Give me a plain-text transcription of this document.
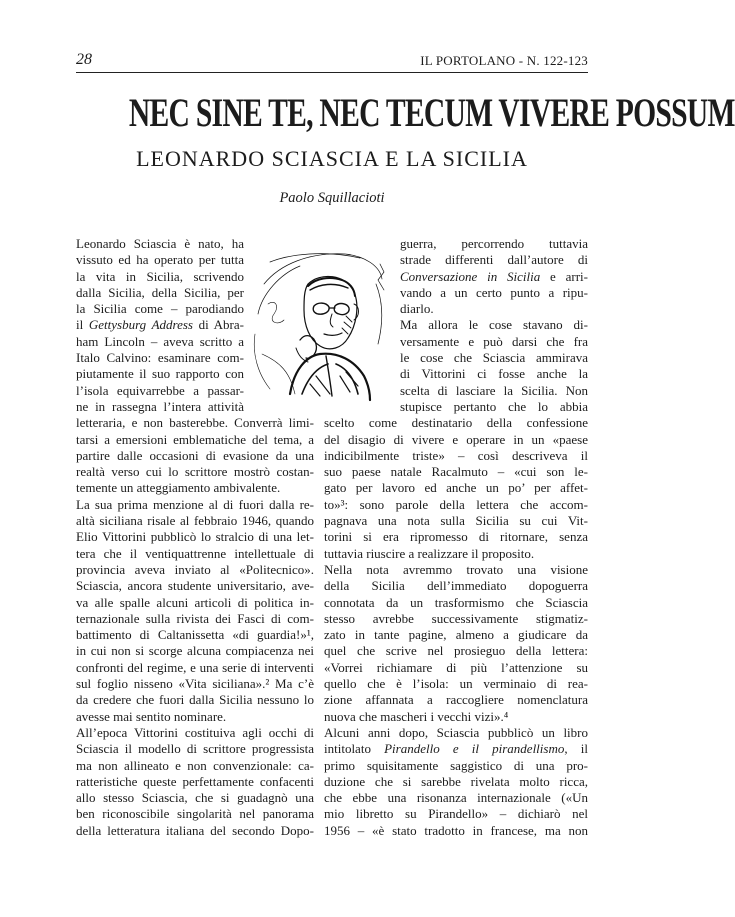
28	IL PORTOLANO - N. 122-123
NEC SINE TE, NEC TECUM VIVERE POSSUM
LEONARDO SCIASCIA E LA SICILIA
Paolo Squillacioti

Leonardo Sciascia è nato, ha

vissuto ed ha operato per tutta

la vita in Sicilia, scrivendo

dalla Sicilia, della Sicilia, per

la Sicilia come – parodiando

il Gettysburg Address di Abra-

ham Lincoln – aveva scritto a

Italo Calvino: esaminare com-

piutamente il suo rapporto con

l’isola equivarrebbe a passar-

ne in rassegna l’intera attività

letteraria, e non basterebbe. Converrà limi-

tarsi a emersioni emblematiche del tema, a

partire dalle occasioni di evasione da una

realtà verso cui lo scrittore mostrò costan-

temente un atteggiamento ambivalente.

La sua prima menzione al di fuori dalla re-

altà siciliana risale al febbraio 1946, quando

Elio Vittorini pubblicò lo stralcio di una let-

tera che il ventiquattrenne intellettuale di

provincia aveva inviato al «Politecnico».

Sciascia, ancora studente universitario, ave-

va alle spalle alcuni articoli di politica in-

ternazionale sulla rivista dei Fasci di com-

battimento di Caltanissetta «di guardia!»¹,

in cui non si scorge alcuna compiacenza nei

confronti del regime, e una serie di interventi

sul foglio nisseno «Vita siciliana».² Ma c’è

da credere che fuori dalla Sicilia nessuno lo

avesse mai sentito nominare.

All’epoca Vittorini costituiva agli occhi di

Sciascia il modello di scrittore progressista

ma non allineato e non convenzionale: ca-

ratteristiche queste perfettamente confacenti

allo stesso Sciascia, che si guadagnò una

ben riconoscibile singolarità nel panorama

della letteratura italiana del secondo Dopo-

guerra, percorrendo tuttavia

strade differenti dall’autore di

Conversazione in Sicilia e arri-

vando a un certo punto a ripu-

diarlo.

Ma allora le cose stavano di-

versamente e può darsi che fra

le cose che Sciascia ammirava

di Vittorini ci fosse anche la

scelta di lasciare la Sicilia. Non

stupisce pertanto che lo abbia

scelto come destinatario della confessione

del disagio di vivere e operare in un «paese

indicibilmente triste» – così descriveva il

suo paese natale Racalmuto – «cui son le-

gato per lavoro ed anche un po’ per affet-

to»³: sono parole della lettera che accom-

pagnava una nota sulla Sicilia su cui Vit-

torini si era ripromesso di ritornare, senza

tuttavia riuscire a realizzare il proposito.

Nella nota avremmo trovato una visione

della Sicilia dell’immediato dopoguerra

connotata da un trasformismo che Sciascia

stesso avrebbe successivamente stigmatiz-

zato in tante pagine, almeno a giudicare da

quel che scrive nel prosieguo della lettera:

«Vorrei richiamare di più l’attenzione su

quello che è l’isola: un verminaio di rea-

zione affannata a raccogliere nomenclatura

nuova che mascheri i vecchi vizi».⁴

Alcuni anni dopo, Sciascia pubblicò un libro

intitolato Pirandello e il pirandellismo, il

primo squisitamente saggistico di una pro-

duzione che si sarebbe rivelata molto ricca,

che ebbe una risonanza internazionale («Un

mio libretto su Pirandello» – dichiarò nel

1956 – «è stato tradotto in francese, ma non
